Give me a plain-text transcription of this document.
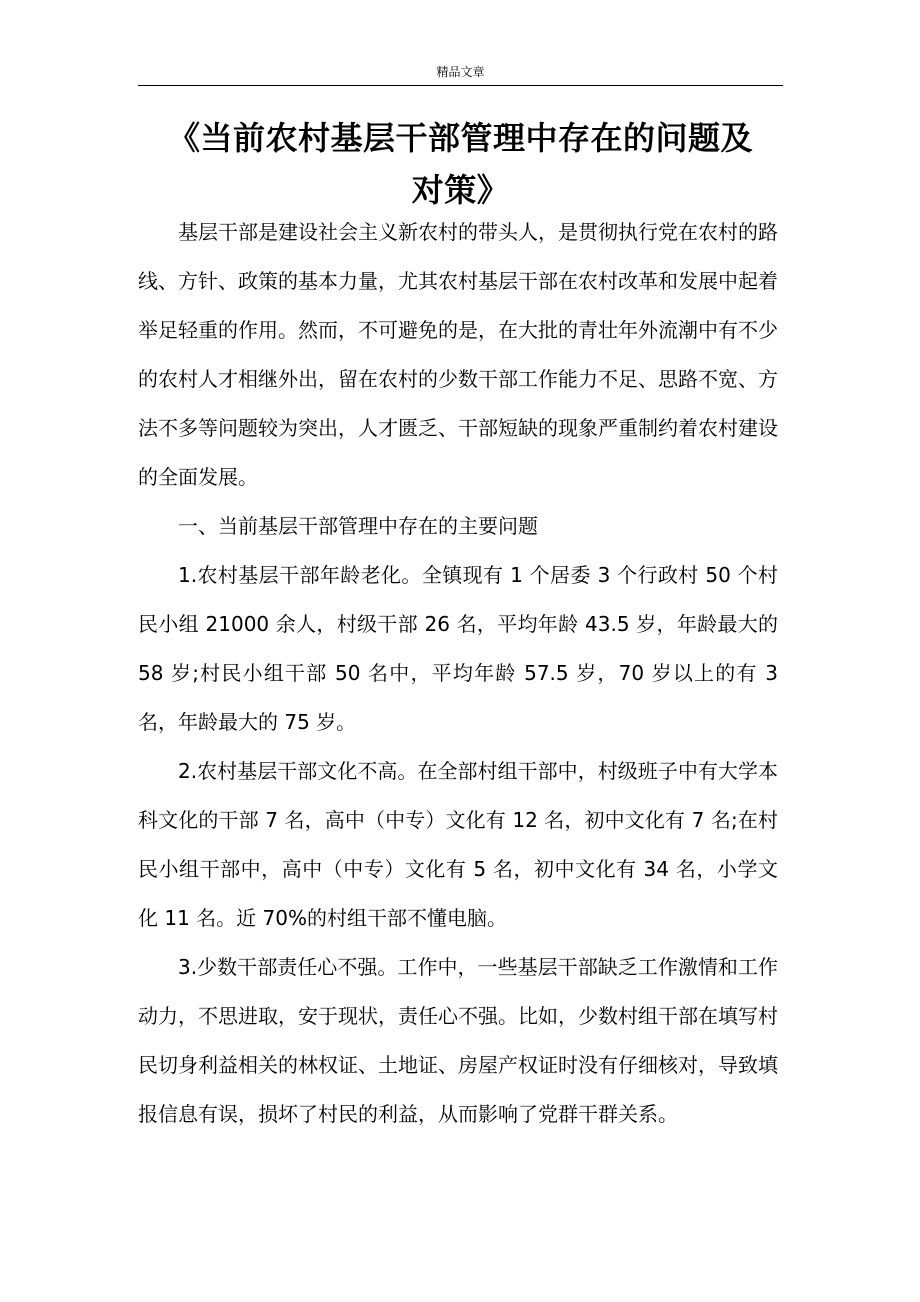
精品文章
《当前农村基层干部管理中存在的问题及
对策》

基层干部是建设社会主义新农村的带头人，是贯彻执行党在农村的路线、方针、政策的基本力量，尤其农村基层干部在农村改革和发展中起着举足轻重的作用。然而，不可避免的是，在大批的青壮年外流潮中有不少的农村人才相继外出，留在农村的少数干部工作能力不足、思路不宽、方法不多等问题较为突出，人才匮乏、干部短缺的现象严重制约着农村建设的全面发展。

一、当前基层干部管理中存在的主要问题

1.农村基层干部年龄老化。全镇现有 1 个居委 3 个行政村 50 个村民小组 21000 余人，村级干部 26 名，平均年龄 43.5 岁，年龄最大的 58 岁;村民小组干部 50 名中，平均年龄 57.5 岁，70 岁以上的有 3 名，年龄最大的 75 岁。

2.农村基层干部文化不高。在全部村组干部中，村级班子中有大学本科文化的干部 7 名，高中（中专）文化有 12 名，初中文化有 7 名;在村民小组干部中，高中（中专）文化有 5 名，初中文化有 34 名，小学文化 11 名。近 70%的村组干部不懂电脑。

3.少数干部责任心不强。工作中，一些基层干部缺乏工作激情和工作动力，不思进取，安于现状，责任心不强。比如，少数村组干部在填写村民切身利益相关的林权证、土地证、房屋产权证时没有仔细核对，导致填报信息有误，损坏了村民的利益，从而影响了党群干群关系。
